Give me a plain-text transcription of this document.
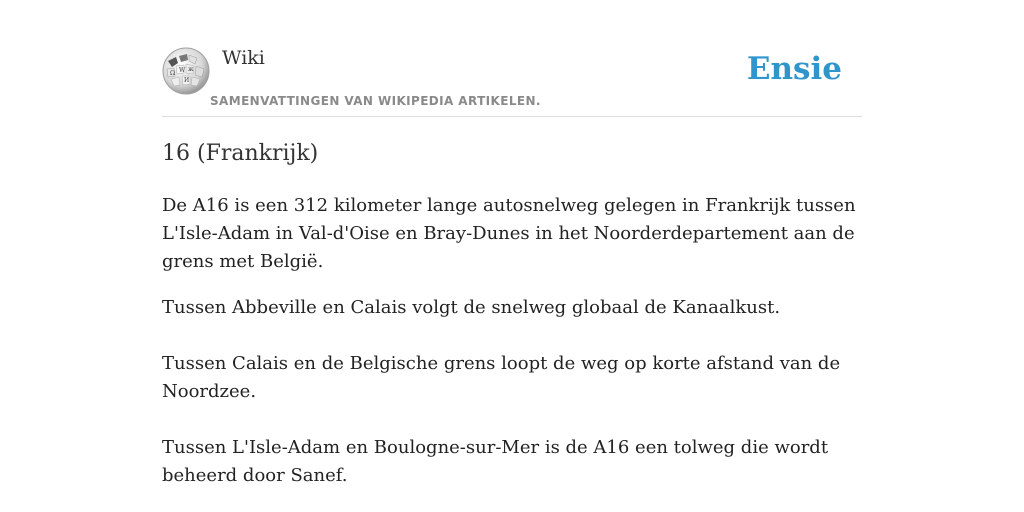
Ω W ж
И
Wiki
SAMENVATTINGEN VAN WIKIPEDIA ARTIKELEN.
Ensie
16 (Frankrijk)

De A16 is een 312 kilometer lange autosnelweg gelegen in Frankrijk tussen L'Isle-Adam in Val-d'Oise en Bray-Dunes in het Noorderdepartement aan de grens met België.

Tussen Abbeville en Calais volgt de snelweg globaal de Kanaalkust.

Tussen Calais en de Belgische grens loopt de weg op korte afstand van de Noordzee.

Tussen L'Isle-Adam en Boulogne-sur-Mer is de A16 een tolweg die wordt beheerd door Sanef.
